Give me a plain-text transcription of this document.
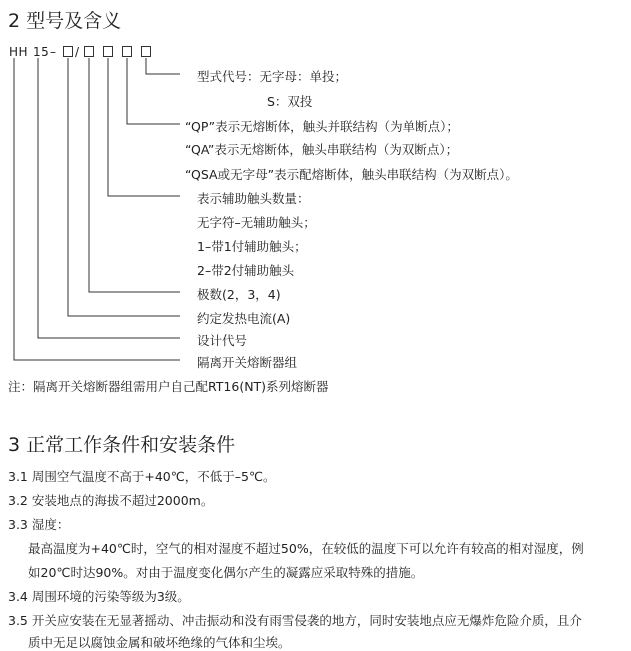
2 型号及含义
HH 15 – /
型式代号：无字母：单投；
S：双投
“QP”表示无熔断体，触头并联结构（为单断点）；
“QA”表示无熔断体，触头串联结构（为双断点）；
“QSA或无字母”表示配熔断体，触头串联结构（为双断点）。
表示辅助触头数量：
无字符–无辅助触头；
1–带1付辅助触头；
2–带2付辅助触头
极数(2，3，4)
约定发热电流(A)
设计代号
隔离开关熔断器组
注：隔离开关熔断器组需用户自己配RT16(NT)系列熔断器
3 正常工作条件和安装条件
3.1 周围空气温度不高于+40℃，不低于–5℃。
3.2 安装地点的海拔不超过2000m。
3.3 湿度：
最高温度为+40℃时，空气的相对湿度不超过50%，在较低的温度下可以允许有较高的相对湿度，例
如20℃时达90%。对由于温度变化偶尔产生的凝露应采取特殊的措施。
3.4 周围环境的污染等级为3级。
3.5 开关应安装在无显著摇动、冲击振动和没有雨雪侵袭的地方，同时安装地点应无爆炸危险介质，且介
质中无足以腐蚀金属和破坏绝缘的气体和尘埃。
